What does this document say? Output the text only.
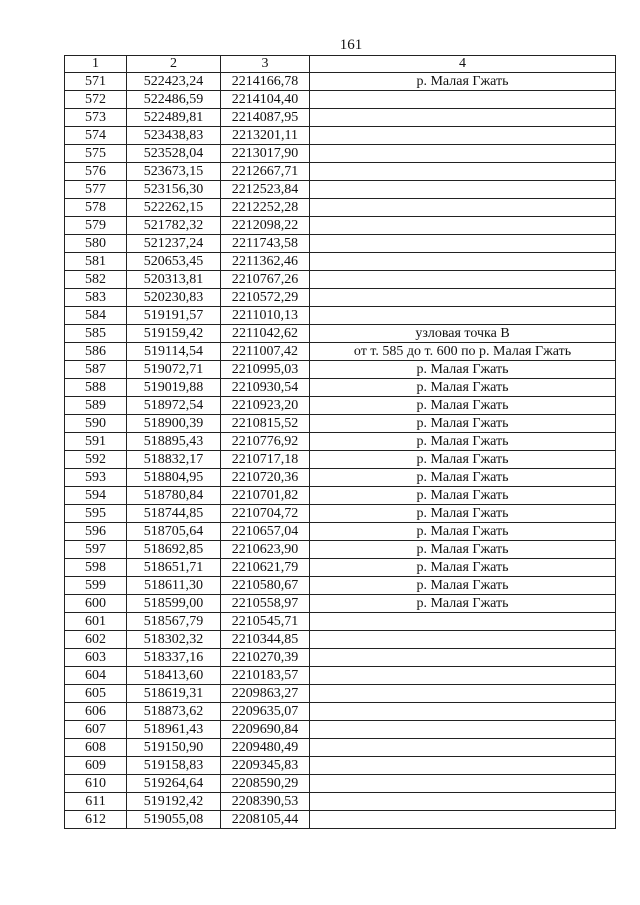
161
1	2	3	4
571	522423,24	2214166,78	р. Малая Гжать
572	522486,59	2214104,40	
573	522489,81	2214087,95	
574	523438,83	2213201,11	
575	523528,04	2213017,90	
576	523673,15	2212667,71	
577	523156,30	2212523,84	
578	522262,15	2212252,28	
579	521782,32	2212098,22	
580	521237,24	2211743,58	
581	520653,45	2211362,46	
582	520313,81	2210767,26	
583	520230,83	2210572,29	
584	519191,57	2211010,13	
585	519159,42	2211042,62	узловая точка В
586	519114,54	2211007,42	от т. 585 до т. 600 по р. Малая Гжать
587	519072,71	2210995,03	р. Малая Гжать
588	519019,88	2210930,54	р. Малая Гжать
589	518972,54	2210923,20	р. Малая Гжать
590	518900,39	2210815,52	р. Малая Гжать
591	518895,43	2210776,92	р. Малая Гжать
592	518832,17	2210717,18	р. Малая Гжать
593	518804,95	2210720,36	р. Малая Гжать
594	518780,84	2210701,82	р. Малая Гжать
595	518744,85	2210704,72	р. Малая Гжать
596	518705,64	2210657,04	р. Малая Гжать
597	518692,85	2210623,90	р. Малая Гжать
598	518651,71	2210621,79	р. Малая Гжать
599	518611,30	2210580,67	р. Малая Гжать
600	518599,00	2210558,97	р. Малая Гжать
601	518567,79	2210545,71	
602	518302,32	2210344,85	
603	518337,16	2210270,39	
604	518413,60	2210183,57	
605	518619,31	2209863,27	
606	518873,62	2209635,07	
607	518961,43	2209690,84	
608	519150,90	2209480,49	
609	519158,83	2209345,83	
610	519264,64	2208590,29	
611	519192,42	2208390,53	
612	519055,08	2208105,44	
